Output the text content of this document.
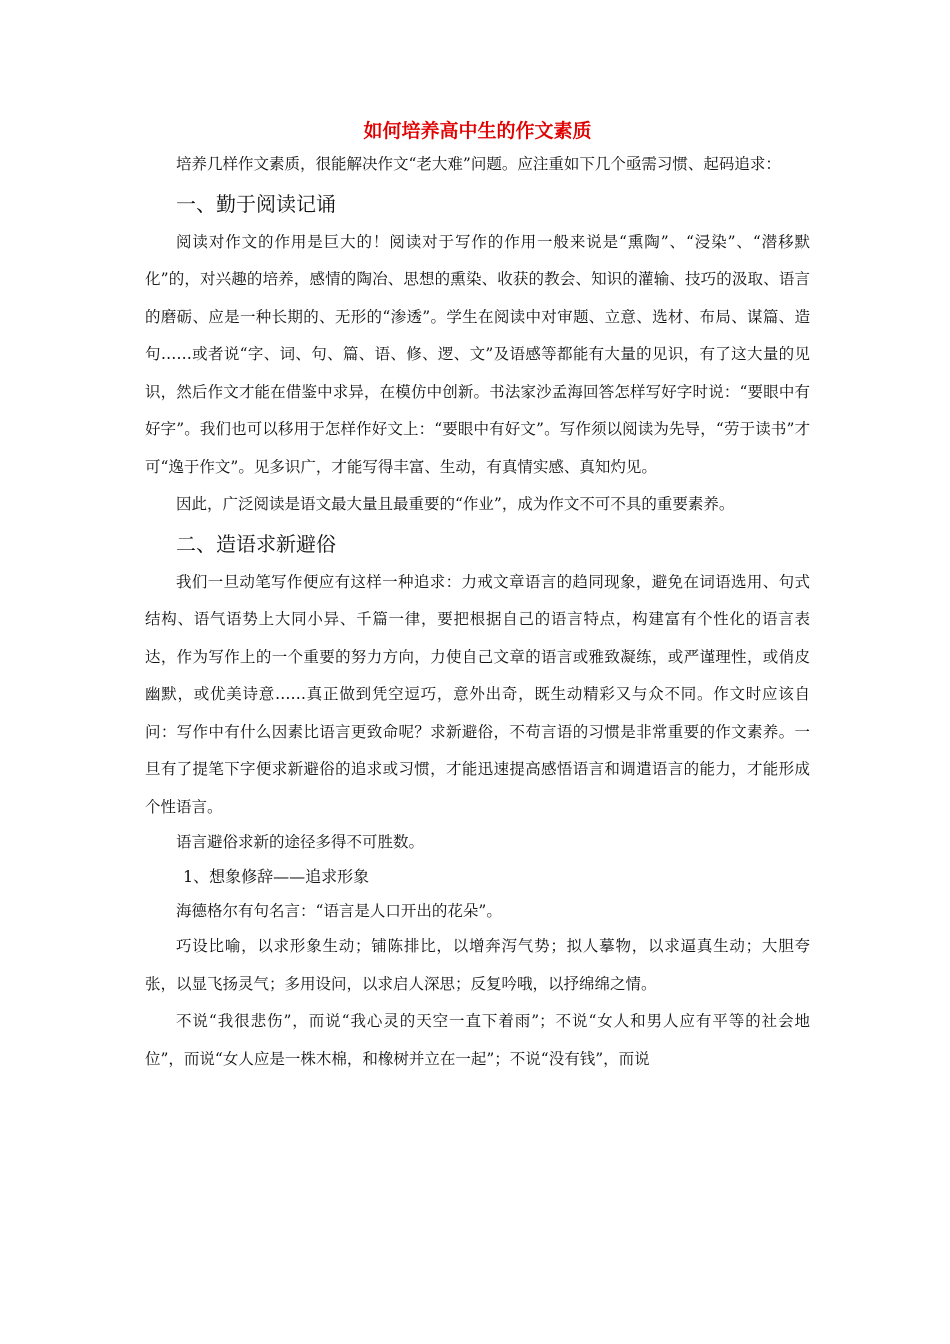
如何培养高中生的作文素质

培养几样作文素质，很能解决作文“老大难”问题。应注重如下几个亟需习惯、起码追求：

一、勤于阅读记诵

阅读对作文的作用是巨大的！阅读对于写作的作用一般来说是“熏陶”、“浸染”、“潜移默化”的，对兴趣的培养，感情的陶冶、思想的熏染、收获的教会、知识的灌输、技巧的汲取、语言的磨砺、应是一种长期的、无形的“渗透”。学生在阅读中对审题、立意、选材、布局、谋篇、造句……或者说“字、词、句、篇、语、修、逻、文”及语感等都能有大量的见识，有了这大量的见识，然后作文才能在借鉴中求异，在模仿中创新。书法家沙孟海回答怎样写好字时说：“要眼中有好字”。我们也可以移用于怎样作好文上：“要眼中有好文”。写作须以阅读为先导，“劳于读书”才可“逸于作文”。见多识广，才能写得丰富、生动，有真情实感、真知灼见。

因此，广泛阅读是语文最大量且最重要的“作业”，成为作文不可不具的重要素养。

二、造语求新避俗

我们一旦动笔写作便应有这样一种追求：力戒文章语言的趋同现象，避免在词语选用、句式结构、语气语势上大同小异、千篇一律，要把根据自己的语言特点，构建富有个性化的语言表达，作为写作上的一个重要的努力方向，力使自己文章的语言或雅致凝练，或严谨理性，或俏皮幽默，或优美诗意……真正做到凭空逗巧，意外出奇，既生动精彩又与众不同。作文时应该自问：写作中有什么因素比语言更致命呢？求新避俗，不苟言语的习惯是非常重要的作文素养。一旦有了提笔下字便求新避俗的追求或习惯，才能迅速提高感悟语言和调遣语言的能力，才能形成个性语言。

语言避俗求新的途径多得不可胜数。

1、想象修辞——追求形象

海德格尔有句名言：“语言是人口开出的花朵”。

巧设比喻，以求形象生动；铺陈排比，以增奔泻气势；拟人摹物，以求逼真生动；大胆夸张，以显飞扬灵气；多用设问，以求启人深思；反复吟哦，以抒绵绵之情。

不说“我很悲伤”，而说“我心灵的天空一直下着雨”；不说“女人和男人应有平等的社会地位”，而说“女人应是一株木棉，和橡树并立在一起”；不说“没有钱”，而说
